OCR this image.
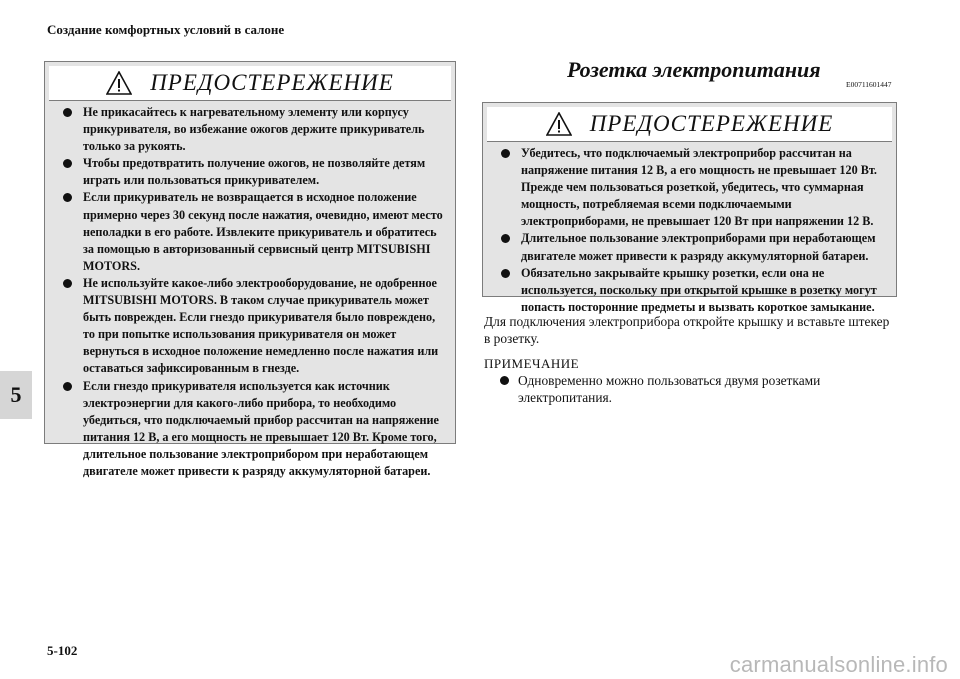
Создание комфортных условий в салоне
5
ПРЕДОСТЕРЕЖЕНИЕ
Не прикасайтесь к нагревательному элементу или корпусу прикуривателя, во избежание ожогов держите прикуриватель только за рукоять.
Чтобы предотвратить получение ожогов, не позволяйте детям играть или пользоваться прикуривателем.
Если прикуриватель не возвращается в исходное положение примерно через 30 секунд после нажатия, очевидно, имеют место неполадки в его работе. Извлеките прикуриватель и обратитесь за помощью в авторизованный сервисный центр MITSUBISHI MOTORS.
Не используйте какое-либо электрооборудование, не одобренное MITSUBISHI MOTORS. В таком случае прикуриватель может быть поврежден. Если гнездо прикуривателя было повреждено, то при попытке использования прикуривателя он может вернуться в исходное положение немедленно после нажатия или оставаться зафиксированным в гнезде.
Если гнездо прикуривателя используется как источник электроэнергии для какого-либо прибора, то необходимо убедиться, что подключаемый прибор рассчитан на напряжение питания 12 В, а его мощность не превышает 120 Вт. Кроме того, длительное пользование электроприбором при неработающем двигателе может привести к разряду аккумуляторной батареи.
Розетка электропитания
E00711601447
ПРЕДОСТЕРЕЖЕНИЕ
Убедитесь, что подключаемый электроприбор рассчитан на напряжение питания 12 В, а его мощность не превышает 120 Вт. Прежде чем пользоваться розеткой, убедитесь, что суммарная мощность, потребляемая всеми подключаемыми электроприборами, не превышает 120 Вт при напряжении 12 В.
Длительное пользование электроприборами при неработающем двигателе может привести к разряду аккумуляторной батареи.
Обязательно закрывайте крышку розетки, если она не используется, поскольку при открытой крышке в розетку могут попасть посторонние предметы и вызвать короткое замыкание.
Для подключения электроприбора откройте крышку и вставьте штекер в розетку.
ПРИМЕЧАНИЕ
Одновременно можно пользоваться двумя розетками электропитания.
5-102
carmanualsonline.info
